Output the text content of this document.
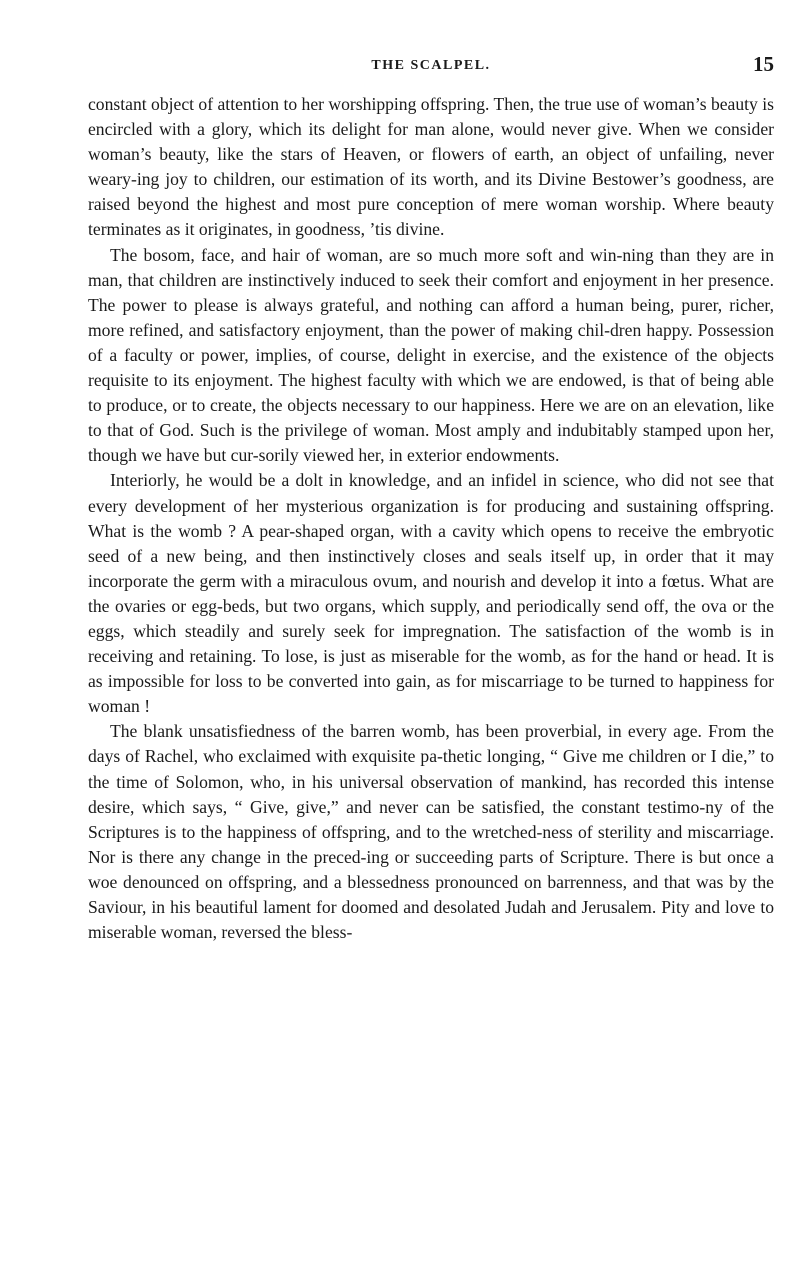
THE SCALPEL.	15

constant object of attention to her worshipping offspring. Then, the true use of woman’s beauty is encircled with a glory, which its delight for man alone, would never give. When we consider woman’s beauty, like the stars of Heaven, or flowers of earth, an object of unfailing, never weary-ing joy to children, our estimation of its worth, and its Divine Bestower’s goodness, are raised beyond the highest and most pure conception of mere woman worship. Where beauty terminates as it originates, in goodness, ’tis divine.

The bosom, face, and hair of woman, are so much more soft and win-ning than they are in man, that children are instinctively induced to seek their comfort and enjoyment in her presence. The power to please is always grateful, and nothing can afford a human being, purer, richer, more refined, and satisfactory enjoyment, than the power of making chil-dren happy. Possession of a faculty or power, implies, of course, delight in exercise, and the existence of the objects requisite to its enjoyment. The highest faculty with which we are endowed, is that of being able to produce, or to create, the objects necessary to our happiness. Here we are on an elevation, like to that of God. Such is the privilege of woman. Most amply and indubitably stamped upon her, though we have but cur-sorily viewed her, in exterior endowments.

Interiorly, he would be a dolt in knowledge, and an infidel in science, who did not see that every development of her mysterious organization is for producing and sustaining offspring. What is the womb ? A pear-shaped organ, with a cavity which opens to receive the embryotic seed of a new being, and then instinctively closes and seals itself up, in order that it may incorporate the germ with a miraculous ovum, and nourish and develop it into a fœtus. What are the ovaries or egg-beds, but two organs, which supply, and periodically send off, the ova or the eggs, which steadily and surely seek for impregnation. The satisfaction of the womb is in receiving and retaining. To lose, is just as miserable for the womb, as for the hand or head. It is as impossible for loss to be converted into gain, as for miscarriage to be turned to happiness for woman !

The blank unsatisfiedness of the barren womb, has been proverbial, in every age. From the days of Rachel, who exclaimed with exquisite pa-thetic longing, “ Give me children or I die,” to the time of Solomon, who, in his universal observation of mankind, has recorded this intense desire, which says, “ Give, give,” and never can be satisfied, the constant testimo-ny of the Scriptures is to the happiness of offspring, and to the wretched-ness of sterility and miscarriage. Nor is there any change in the preced-ing or succeeding parts of Scripture. There is but once a woe denounced on offspring, and a blessedness pronounced on barrenness, and that was by the Saviour, in his beautiful lament for doomed and desolated Judah and Jerusalem. Pity and love to miserable woman, reversed the bless-
